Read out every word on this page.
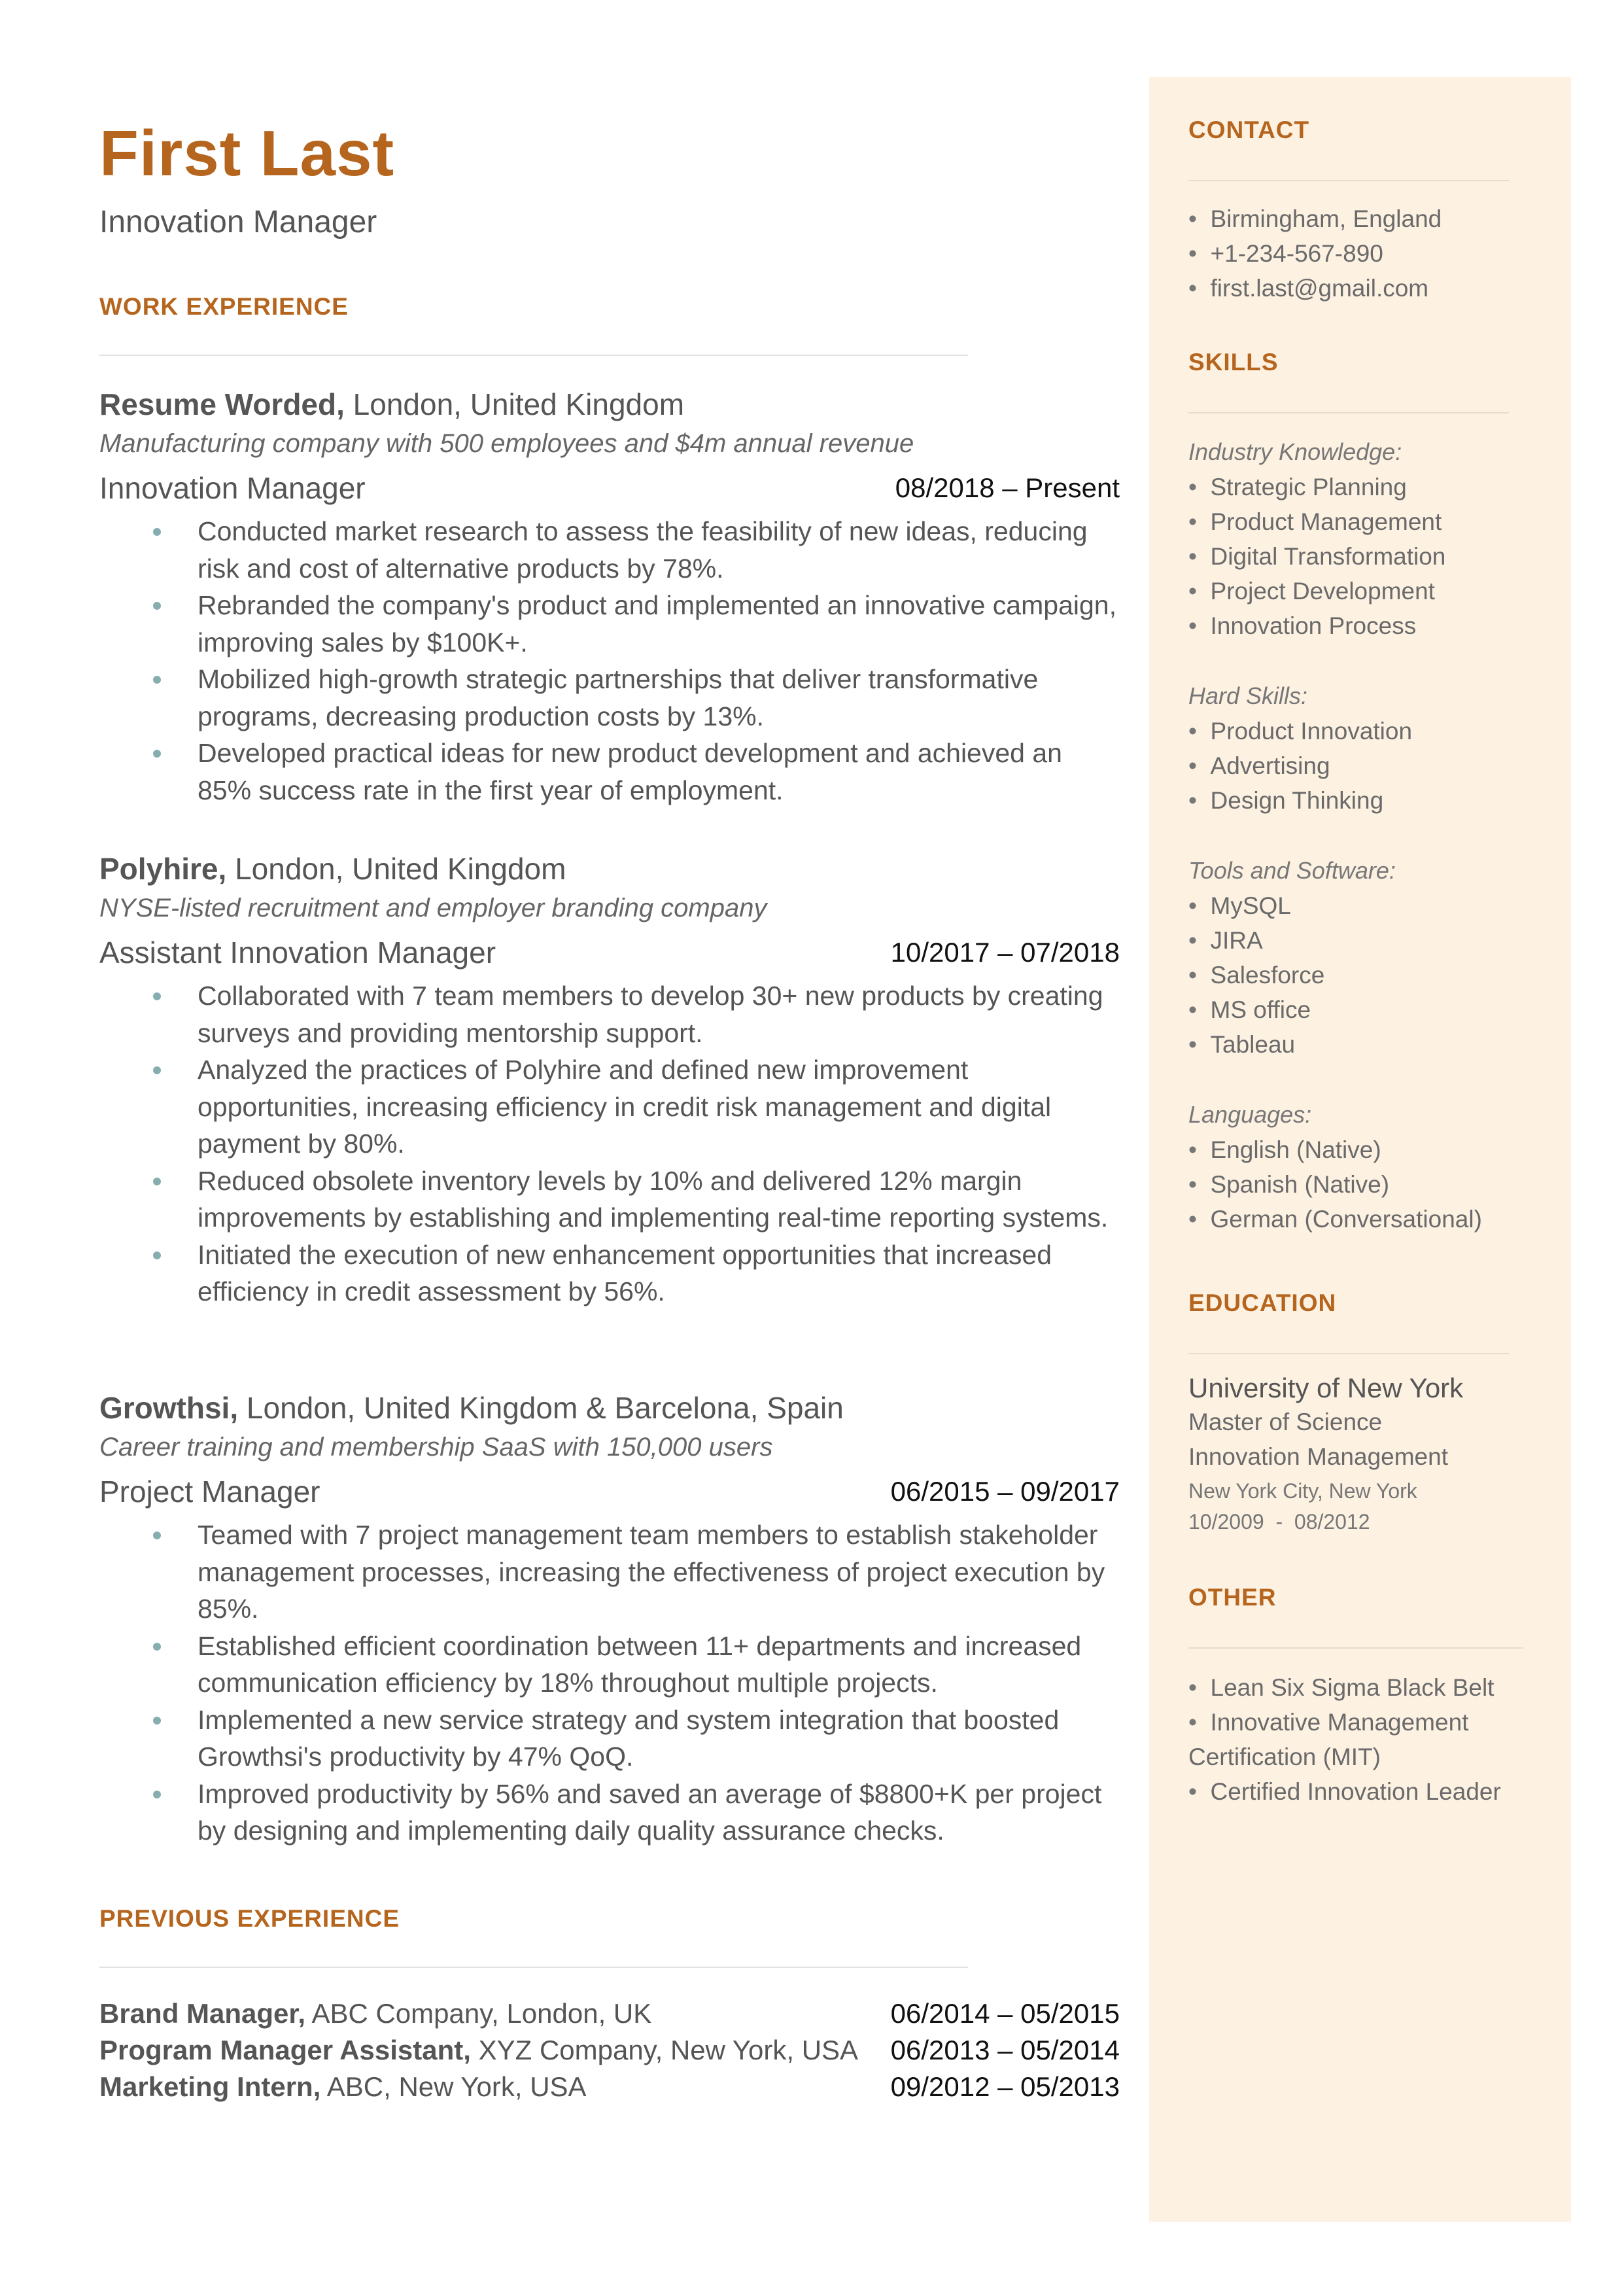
First Last
Innovation Manager
WORK EXPERIENCE
Resume Worded, London, United Kingdom
Manufacturing company with 500 employees and $4m annual revenue
Innovation Manager	08/2018 – Present
Conducted market research to assess the feasibility of new ideas, reducing risk and cost of alternative products by 78%.
Rebranded the company's product and implemented an innovative campaign, improving sales by $100K+.
Mobilized high-growth strategic partnerships that deliver transformative programs, decreasing production costs by 13%.
Developed practical ideas for new product development and achieved an 85% success rate in the first year of employment.
Polyhire, London, United Kingdom
NYSE-listed recruitment and employer branding company
Assistant Innovation Manager	10/2017 – 07/2018
Collaborated with 7 team members to develop 30+ new products by creating surveys and providing mentorship support.
Analyzed the practices of Polyhire and defined new improvement opportunities, increasing efficiency in credit risk management and digital payment by 80%.
Reduced obsolete inventory levels by 10% and delivered 12% margin improvements by establishing and implementing real-time reporting systems.
Initiated the execution of new enhancement opportunities that increased efficiency in credit assessment by 56%.
Growthsi, London, United Kingdom & Barcelona, Spain
Career training and membership SaaS with 150,000 users
Project Manager	06/2015 – 09/2017
Teamed with 7 project management team members to establish stakeholder management processes, increasing the effectiveness of project execution by 85%.
Established efficient coordination between 11+ departments and increased communication efficiency by 18% throughout multiple projects.
Implemented a new service strategy and system integration that boosted Growthsi's productivity by 47% QoQ.
Improved productivity by 56% and saved an average of $8800+K per project by designing and implementing daily quality assurance checks.
PREVIOUS EXPERIENCE
Brand Manager, ABC Company, London, UK	06/2014 – 05/2015
Program Manager Assistant, XYZ Company, New York, USA 06/2013 – 05/2014
Marketing Intern, ABC, New York, USA	09/2012 – 05/2013
CONTACT
•  Birmingham, England
•  +1-234-567-890
•  first.last@gmail.com
SKILLS
Industry Knowledge:
•  Strategic Planning
•  Product Management
•  Digital Transformation
•  Project Development
•  Innovation Process
Hard Skills:
•  Product Innovation
•  Advertising
•  Design Thinking
Tools and Software:
•  MySQL
•  JIRA
•  Salesforce
•  MS office
•  Tableau
Languages:
•  English (Native)
•  Spanish (Native)
•  German (Conversational)
EDUCATION
University of New York
Master of Science
Innovation Management
New York City, New York
10/2009  -  08/2012
OTHER
•  Lean Six Sigma Black Belt
•  Innovative Management Certification (MIT)
•  Certified Innovation Leader
